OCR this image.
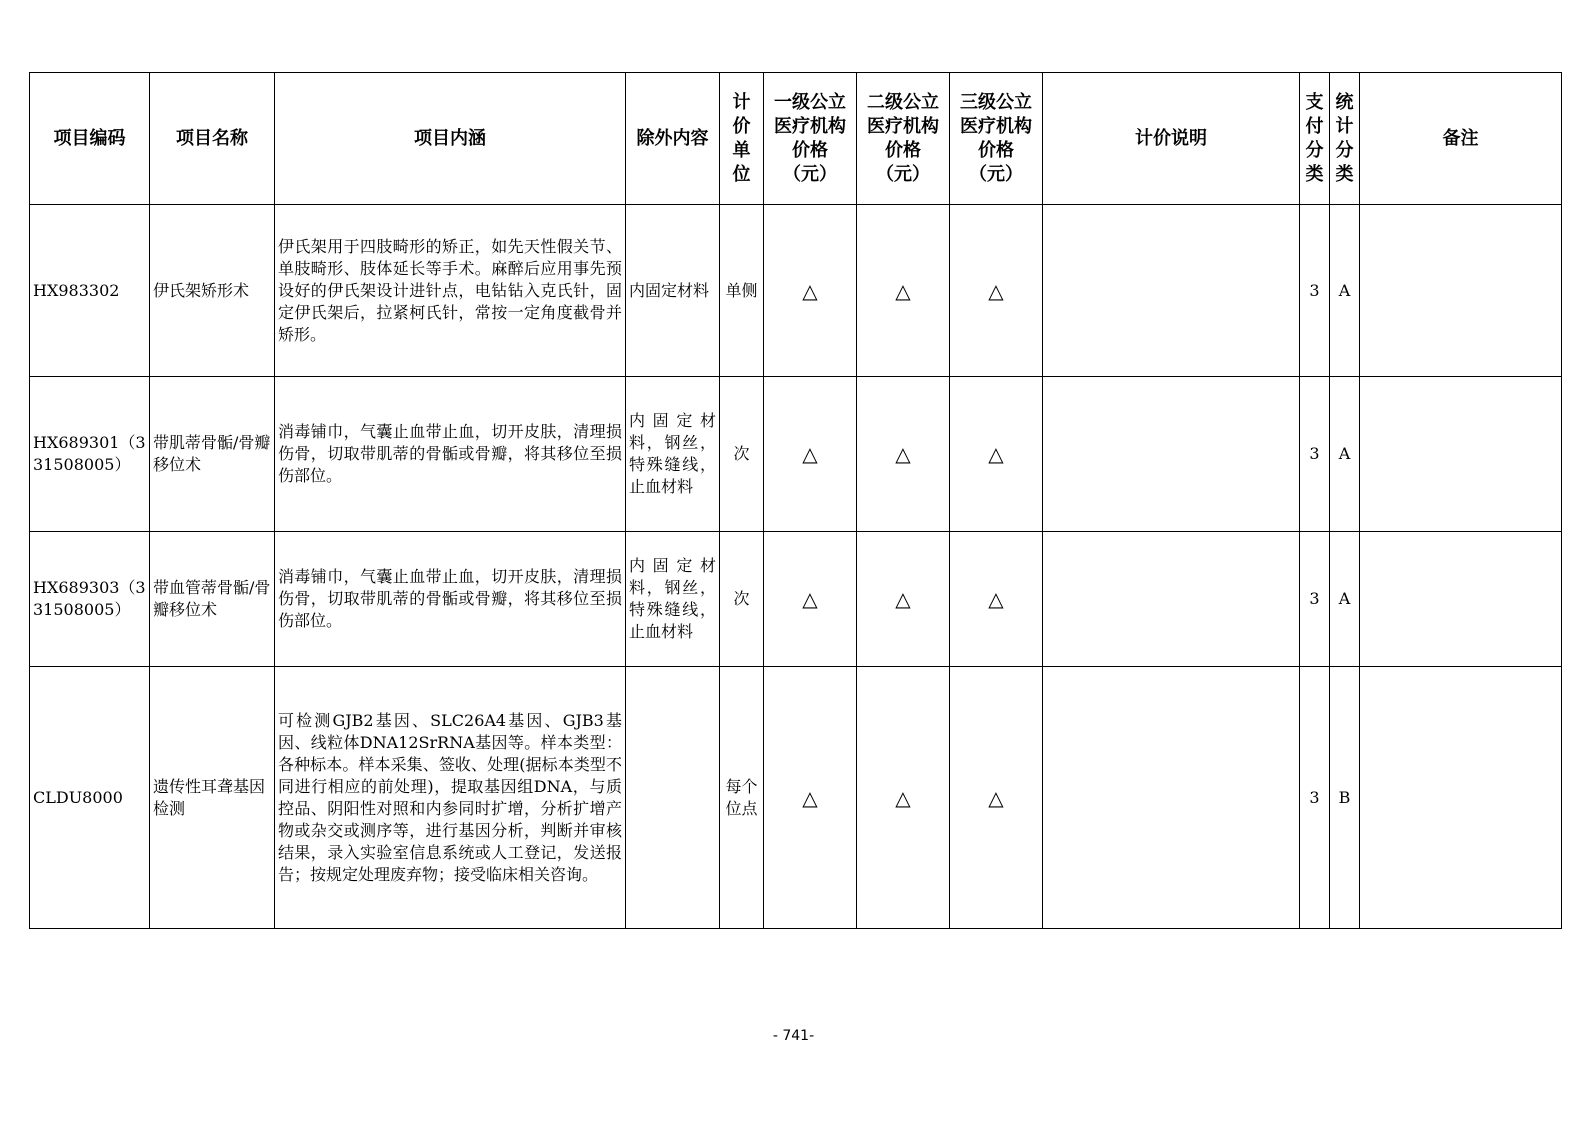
项目编码	项目名称	项目内涵	除外内容	计价单位	一级公立医疗机构价格（元）	二级公立医疗机构价格（元）	三级公立医疗机构价格（元）	计价说明	支付分类	统计分类	备注
HX983302	伊氏架矫形术	伊氏架用于四肢畸形的矫正，如先天性假关节、单肢畸形、肢体延长等手术。麻醉后应用事先预设好的伊氏架设计进针点，电钻钻入克氏针，固定伊氏架后，拉紧柯氏针，常按一定角度截骨并矫形。	内固定材料	单侧	△	△	△		3	A	
HX689301（331508005）	带肌蒂骨骺/骨瓣移位术	消毒铺巾，气囊止血带止血，切开皮肤，清理损伤骨，切取带肌蒂的骨骺或骨瓣，将其移位至损伤部位。	内固定材料，钢丝，特殊缝线，止血材料	次	△	△	△		3	A	
HX689303（331508005）	带血管蒂骨骺/骨瓣移位术	消毒铺巾，气囊止血带止血，切开皮肤，清理损伤骨，切取带肌蒂的骨骺或骨瓣，将其移位至损伤部位。	内固定材料，钢丝，特殊缝线，止血材料	次	△	△	△		3	A	
CLDU8000	遗传性耳聋基因检测	可检测GJB2基因、SLC26A4基因、GJB3基因、线粒体DNA12SrRNA基因等。样本类型：各种标本。样本采集、签收、处理(据标本类型不同进行相应的前处理)，提取基因组DNA，与质控品、阴阳性对照和内参同时扩增，分析扩增产物或杂交或测序等，进行基因分析，判断并审核结果，录入实验室信息系统或人工登记，发送报告；按规定处理废弃物；接受临床相关咨询。		每个位点	△	△	△		3	B	
- 741-
